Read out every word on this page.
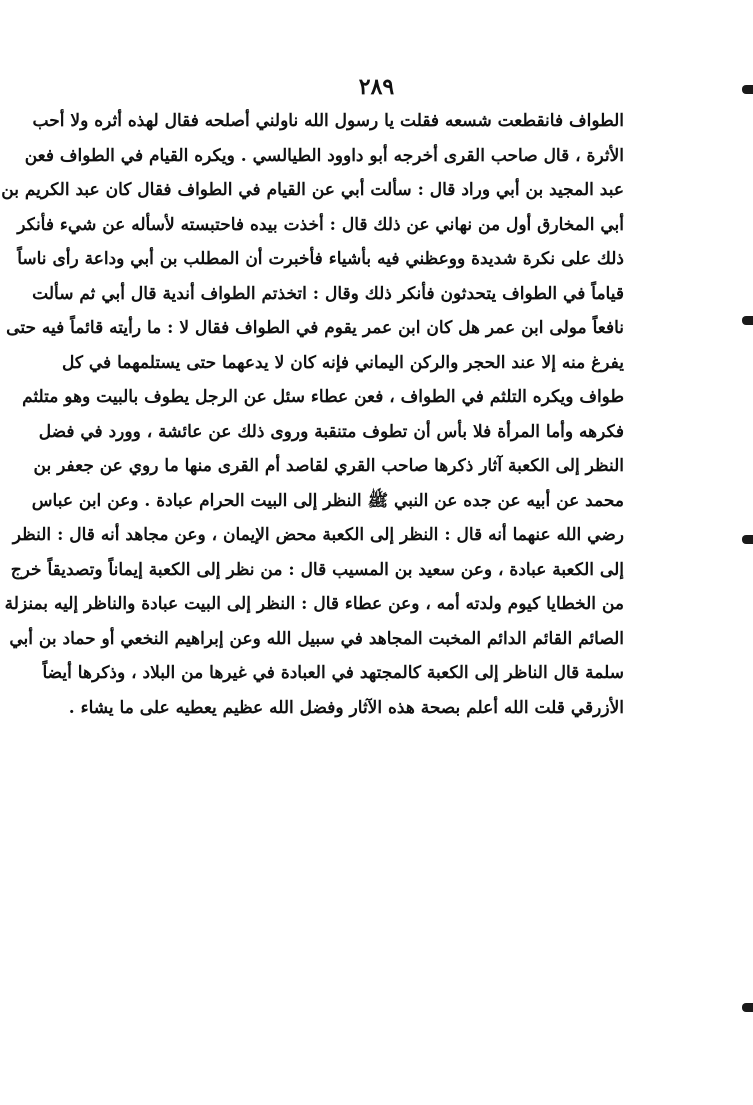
٢٨٩
الطواف فانقطعت شسعه فقلت يا رسول الله ناولني أصلحه فقال لهذه أثره ولا أحب
الأثرة ، قال صاحب القرى أخرجه أبو داوود الطيالسي . ويكره القيام في الطواف فعن
عبد المجيد بن أبي وراد قال : سألت أبي عن القيام في الطواف فقال كان عبد الكريم بن
أبي المخارق أول من نهاني عن ذلك قال : أخذت بيده فاحتبسته لأسأله عن شيء فأنكر
ذلك على نكرة شديدة ووعظني فيه بأشياء فأخبرت أن المطلب بن أبي وداعة رأى ناساً
قياماً في الطواف يتحدثون فأنكر ذلك وقال : اتخذتم الطواف أندية قال أبي ثم سألت
نافعاً مولى ابن عمر هل كان ابن عمر يقوم في الطواف فقال لا : ما رأيته قائماً فيه حتى
يفرغ منه إلا عند الحجر والركن اليماني فإنه كان لا يدعهما حتى يستلمهما في كل
طواف ويكره التلثم في الطواف ، فعن عطاء سئل عن الرجل يطوف بالبيت وهو متلثم
فكرهه وأما المرأة فلا بأس أن تطوف متنقبة وروى ذلك عن عائشة ، وورد في فضل
النظر إلى الكعبة آثار ذكرها صاحب القري لقاصد أم القرى منها ما روي عن جعفر بن
محمد عن أبيه عن جده عن النبي ﷺ النظر إلى البيت الحرام عبادة . وعن ابن عباس
رضي الله عنهما أنه قال : النظر إلى الكعبة محض الإيمان ، وعن مجاهد أنه قال : النظر
إلى الكعبة عبادة ، وعن سعيد بن المسيب قال : من نظر إلى الكعبة إيماناً وتصديقاً خرج
من الخطايا كيوم ولدته أمه ، وعن عطاء قال : النظر إلى البيت عبادة والناظر إليه بمنزلة
الصائم القائم الدائم المخبت المجاهد في سبيل الله وعن إبراهيم النخعي أو حماد بن أبي
سلمة قال الناظر إلى الكعبة كالمجتهد في العبادة في غيرها من البلاد ، وذكرها أيضاً
الأزرقي قلت الله أعلم بصحة هذه الآثار وفضل الله عظيم يعطيه على ما يشاء .
